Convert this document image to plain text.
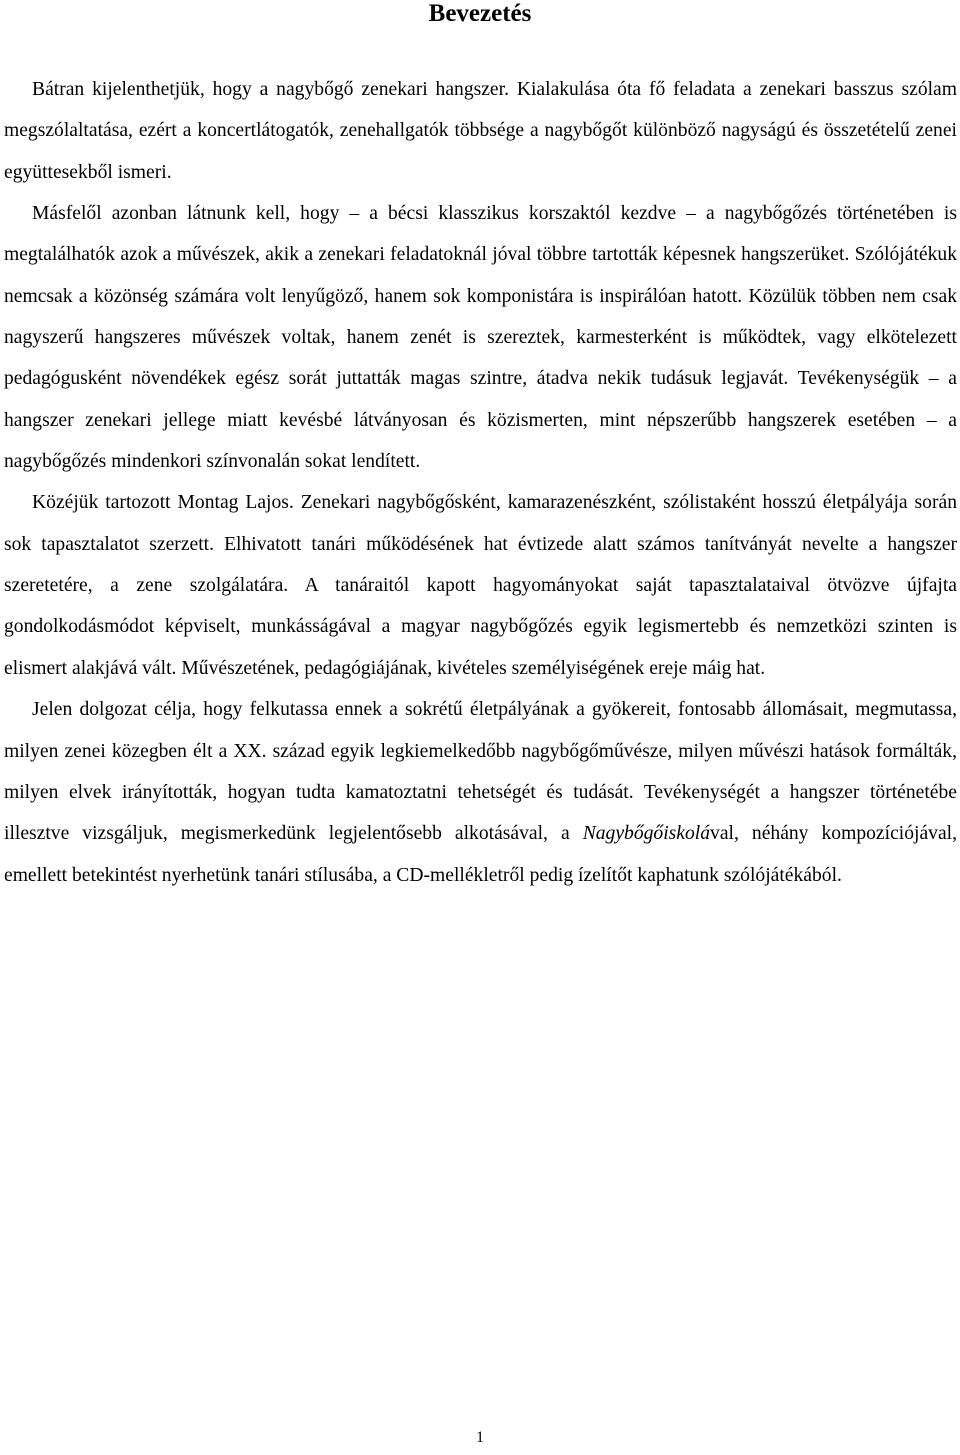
Bevezetés

Bátran kijelenthetjük, hogy a nagybőgő zenekari hangszer. Kialakulása óta fő feladata a zenekari basszus szólam megszólaltatása, ezért a koncertlátogatók, zenehallgatók többsége a nagybőgőt különböző nagyságú és összetételű zenei együttesekből ismeri.

Másfelől azonban látnunk kell, hogy – a bécsi klasszikus korszaktól kezdve – a nagybőgőzés történetében is megtalálhatók azok a művészek, akik a zenekari feladatoknál jóval többre tartották képesnek hangszerüket. Szólójátékuk nemcsak a közönség számára volt lenyűgöző, hanem sok komponistára is inspirálóan hatott. Közülük többen nem csak nagyszerű hangszeres művészek voltak, hanem zenét is szereztek, karmesterként is működtek, vagy elkötelezett pedagógusként növendékek egész sorát juttatták magas szintre, átadva nekik tudásuk legjavát. Tevékenységük – a hangszer zenekari jellege miatt kevésbé látványosan és közismerten, mint népszerűbb hangszerek esetében – a nagybőgőzés mindenkori színvonalán sokat lendített.

Közéjük tartozott Montag Lajos. Zenekari nagybőgősként, kamarazenészként, szólistaként hosszú életpályája során sok tapasztalatot szerzett. Elhivatott tanári működésének hat évtizede alatt számos tanítványát nevelte a hangszer szeretetére, a zene szolgálatára. A tanáraitól kapott hagyományokat saját tapasztalataival ötvözve újfajta gondolkodásmódot képviselt, munkásságával a magyar nagybőgőzés egyik legismertebb és nemzetközi szinten is elismert alakjává vált. Művészetének, pedagógiájának, kivételes személyiségének ereje máig hat.

Jelen dolgozat célja, hogy felkutassa ennek a sokrétű életpályának a gyökereit, fontosabb állomásait, megmutassa, milyen zenei közegben élt a XX. század egyik legkiemelkedőbb nagybőgőművésze, milyen művészi hatások formálták, milyen elvek irányították, hogyan tudta kamatoztatni tehetségét és tudását. Tevékenységét a hangszer történetébe illesztve vizsgáljuk, megismerkedünk legjelentősebb alkotásával, a Nagybőgőiskolával, néhány kompozíciójával, emellett betekintést nyerhetünk tanári stílusába, a CD-mellékletről pedig ízelítőt kaphatunk szólójátékából.

1
